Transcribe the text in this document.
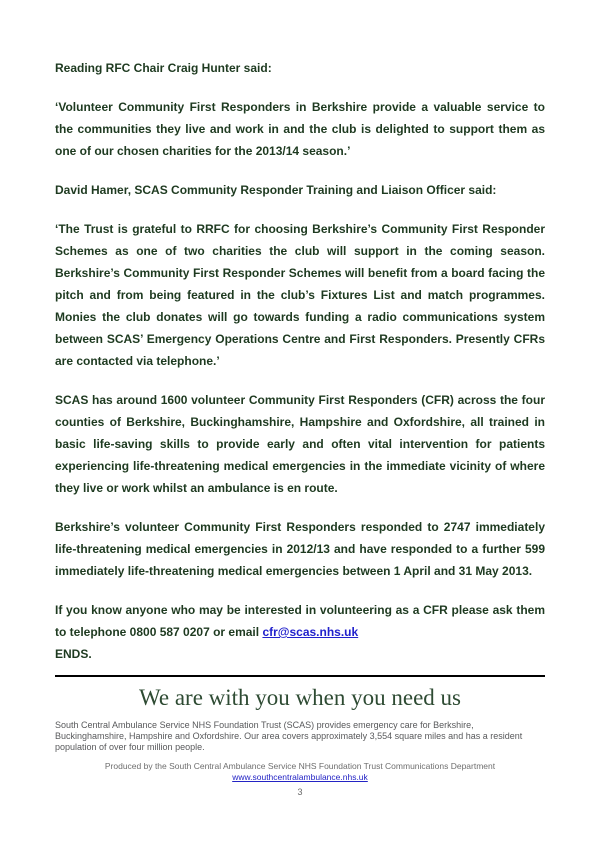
Reading RFC Chair Craig Hunter said:

‘Volunteer Community First Responders in Berkshire provide a valuable service to the communities they live and work in and the club is delighted to support them as one of our chosen charities for the 2013/14 season.’

David Hamer, SCAS Community Responder Training and Liaison Officer said:

‘The Trust is grateful to RRFC for choosing Berkshire’s Community First Responder Schemes as one of two charities the club will support in the coming season. Berkshire’s Community First Responder Schemes will benefit from a board facing the pitch and from being featured in the club’s Fixtures List and match programmes. Monies the club donates will go towards funding a radio communications system between SCAS’ Emergency Operations Centre and First Responders. Presently CFRs are contacted via telephone.’

SCAS has around 1600 volunteer Community First Responders (CFR) across the four counties of Berkshire, Buckinghamshire, Hampshire and Oxfordshire, all trained in basic life-saving skills to provide early and often vital intervention for patients experiencing life-threatening medical emergencies in the immediate vicinity of where they live or work whilst an ambulance is en route.

Berkshire’s volunteer Community First Responders responded to 2747 immediately life-threatening medical emergencies in 2012/13 and have responded to a further 599 immediately life-threatening medical emergencies between 1 April and 31 May 2013.

If you know anyone who may be interested in volunteering as a CFR please ask them to telephone 0800 587 0207 or email cfr@scas.nhs.uk

ENDS.

We are with you when you need us

South Central Ambulance Service NHS Foundation Trust (SCAS) provides emergency care for Berkshire, Buckinghamshire, Hampshire and Oxfordshire. Our area covers approximately 3,554 square miles and has a resident population of over four million people.

Produced by the South Central Ambulance Service NHS Foundation Trust Communications Department

www.southcentralambulance.nhs.uk

3
